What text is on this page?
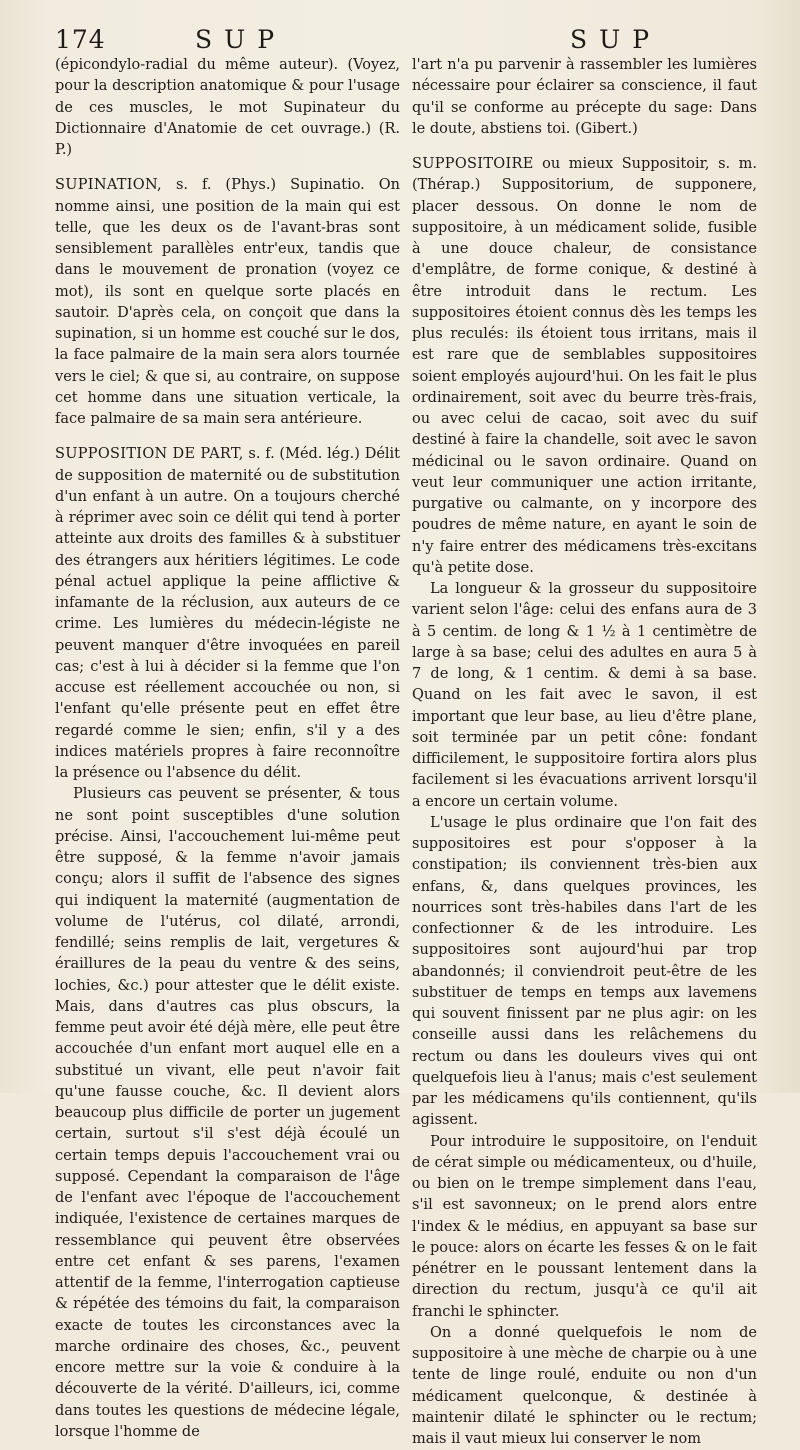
174	SUP	SUP

(épicondylo-radial du même auteur). (Voyez, pour la description anatomique & pour l'usage de ces muscles, le mot Supinateur du Dictionnaire d'Anatomie de cet ouvrage.) (R. P.)

SUPINATION, s. f. (Phys.) Supinatio. On nomme ainsi, une position de la main qui est telle, que les deux os de l'avant-bras sont sensiblement parallèles entr'eux, tandis que dans le mouvement de pronation (voyez ce mot), ils sont en quelque sorte placés en sautoir. D'après cela, on conçoit que dans la supination, si un homme est couché sur le dos, la face palmaire de la main sera alors tournée vers le ciel; & que si, au contraire, on suppose cet homme dans une situation verticale, la face palmaire de sa main sera antérieure.

SUPPOSITION DE PART, s. f. (Méd. lég.) Délit de supposition de maternité ou de substitution d'un enfant à un autre. On a toujours cherché à réprimer avec soin ce délit qui tend à porter atteinte aux droits des familles & à substituer des étrangers aux héritiers légitimes. Le code pénal actuel applique la peine afflictive & infamante de la réclusion, aux auteurs de ce crime. Les lumières du médecin-légiste ne peuvent manquer d'être invoquées en pareil cas; c'est à lui à décider si la femme que l'on accuse est réellement accouchée ou non, si l'enfant qu'elle présente peut en effet être regardé comme le sien; enfin, s'il y a des indices matériels propres à faire reconnoître la présence ou l'absence du délit.

Plusieurs cas peuvent se présenter, & tous ne sont point susceptibles d'une solution précise. Ainsi, l'accouchement lui-même peut être supposé, & la femme n'avoir jamais conçu; alors il suffit de l'absence des signes qui indiquent la maternité (augmentation de volume de l'utérus, col dilaté, arrondi, fendillé; seins remplis de lait, vergetures & éraillures de la peau du ventre & des seins, lochies, &c.) pour attester que le délit existe. Mais, dans d'autres cas plus obscurs, la femme peut avoir été déjà mère, elle peut être accouchée d'un enfant mort auquel elle en a substitué un vivant, elle peut n'avoir fait qu'une fausse couche, &c. Il devient alors beaucoup plus difficile de porter un jugement certain, surtout s'il s'est déjà écoulé un certain temps depuis l'accouchement vrai ou supposé. Cependant la comparaison de l'âge de l'enfant avec l'époque de l'accouchement indiquée, l'existence de certaines marques de ressemblance qui peuvent être observées entre cet enfant & ses parens, l'examen attentif de la femme, l'interrogation captieuse & répétée des témoins du fait, la comparaison exacte de toutes les circonstances avec la marche ordinaire des choses, &c., peuvent encore mettre sur la voie & conduire à la découverte de la vérité. D'ailleurs, ici, comme dans toutes les questions de médecine légale, lorsque l'homme de

l'art n'a pu parvenir à rassembler les lumières nécessaire pour éclairer sa conscience, il faut qu'il se conforme au précepte du sage: Dans le doute, abstiens toi. (Gibert.)

SUPPOSITOIRE ou mieux Suppositoir, s. m. (Thérap.) Suppositorium, de supponere, placer dessous. On donne le nom de suppositoire, à un médicament solide, fusible à une douce chaleur, de consistance d'emplâtre, de forme conique, & destiné à être introduit dans le rectum. Les suppositoires étoient connus dès les temps les plus reculés: ils étoient tous irritans, mais il est rare que de semblables suppositoires soient employés aujourd'hui. On les fait le plus ordinairement, soit avec du beurre très-frais, ou avec celui de cacao, soit avec du suif destiné à faire la chandelle, soit avec le savon médicinal ou le savon ordinaire. Quand on veut leur communiquer une action irritante, purgative ou calmante, on y incorpore des poudres de même nature, en ayant le soin de n'y faire entrer des médicamens très-excitans qu'à petite dose.

La longueur & la grosseur du suppositoire varient selon l'âge: celui des enfans aura de 3 à 5 centim. de long & 1 ½ à 1 centimètre de large à sa base; celui des adultes en aura 5 à 7 de long, & 1 centim. & demi à sa base. Quand on les fait avec le savon, il est important que leur base, au lieu d'être plane, soit terminée par un petit cône: fondant difficilement, le suppositoire fortira alors plus facilement si les évacuations arrivent lorsqu'il a encore un certain volume.

L'usage le plus ordinaire que l'on fait des suppositoires est pour s'opposer à la constipation; ils conviennent très-bien aux enfans, &, dans quelques provinces, les nourrices sont très-habiles dans l'art de les confectionner & de les introduire. Les suppositoires sont aujourd'hui par trop abandonnés; il conviendroit peut-être de les substituer de temps en temps aux lavemens qui souvent finissent par ne plus agir: on les conseille aussi dans les relâchemens du rectum ou dans les douleurs vives qui ont quelquefois lieu à l'anus; mais c'est seulement par les médicamens qu'ils contiennent, qu'ils agissent.

Pour introduire le suppositoire, on l'enduit de cérat simple ou médicamenteux, ou d'huile, ou bien on le trempe simplement dans l'eau, s'il est savonneux; on le prend alors entre l'index & le médius, en appuyant sa base sur le pouce: alors on écarte les fesses & on le fait pénétrer en le poussant lentement dans la direction du rectum, jusqu'à ce qu'il ait franchi le sphincter.

On a donné quelquefois le nom de suppositoire à une mèche de charpie ou à une tente de linge roulé, enduite ou non d'un médicament quelconque, & destinée à maintenir dilaté le sphincter ou le rectum; mais il vaut mieux lui conserver le nom
